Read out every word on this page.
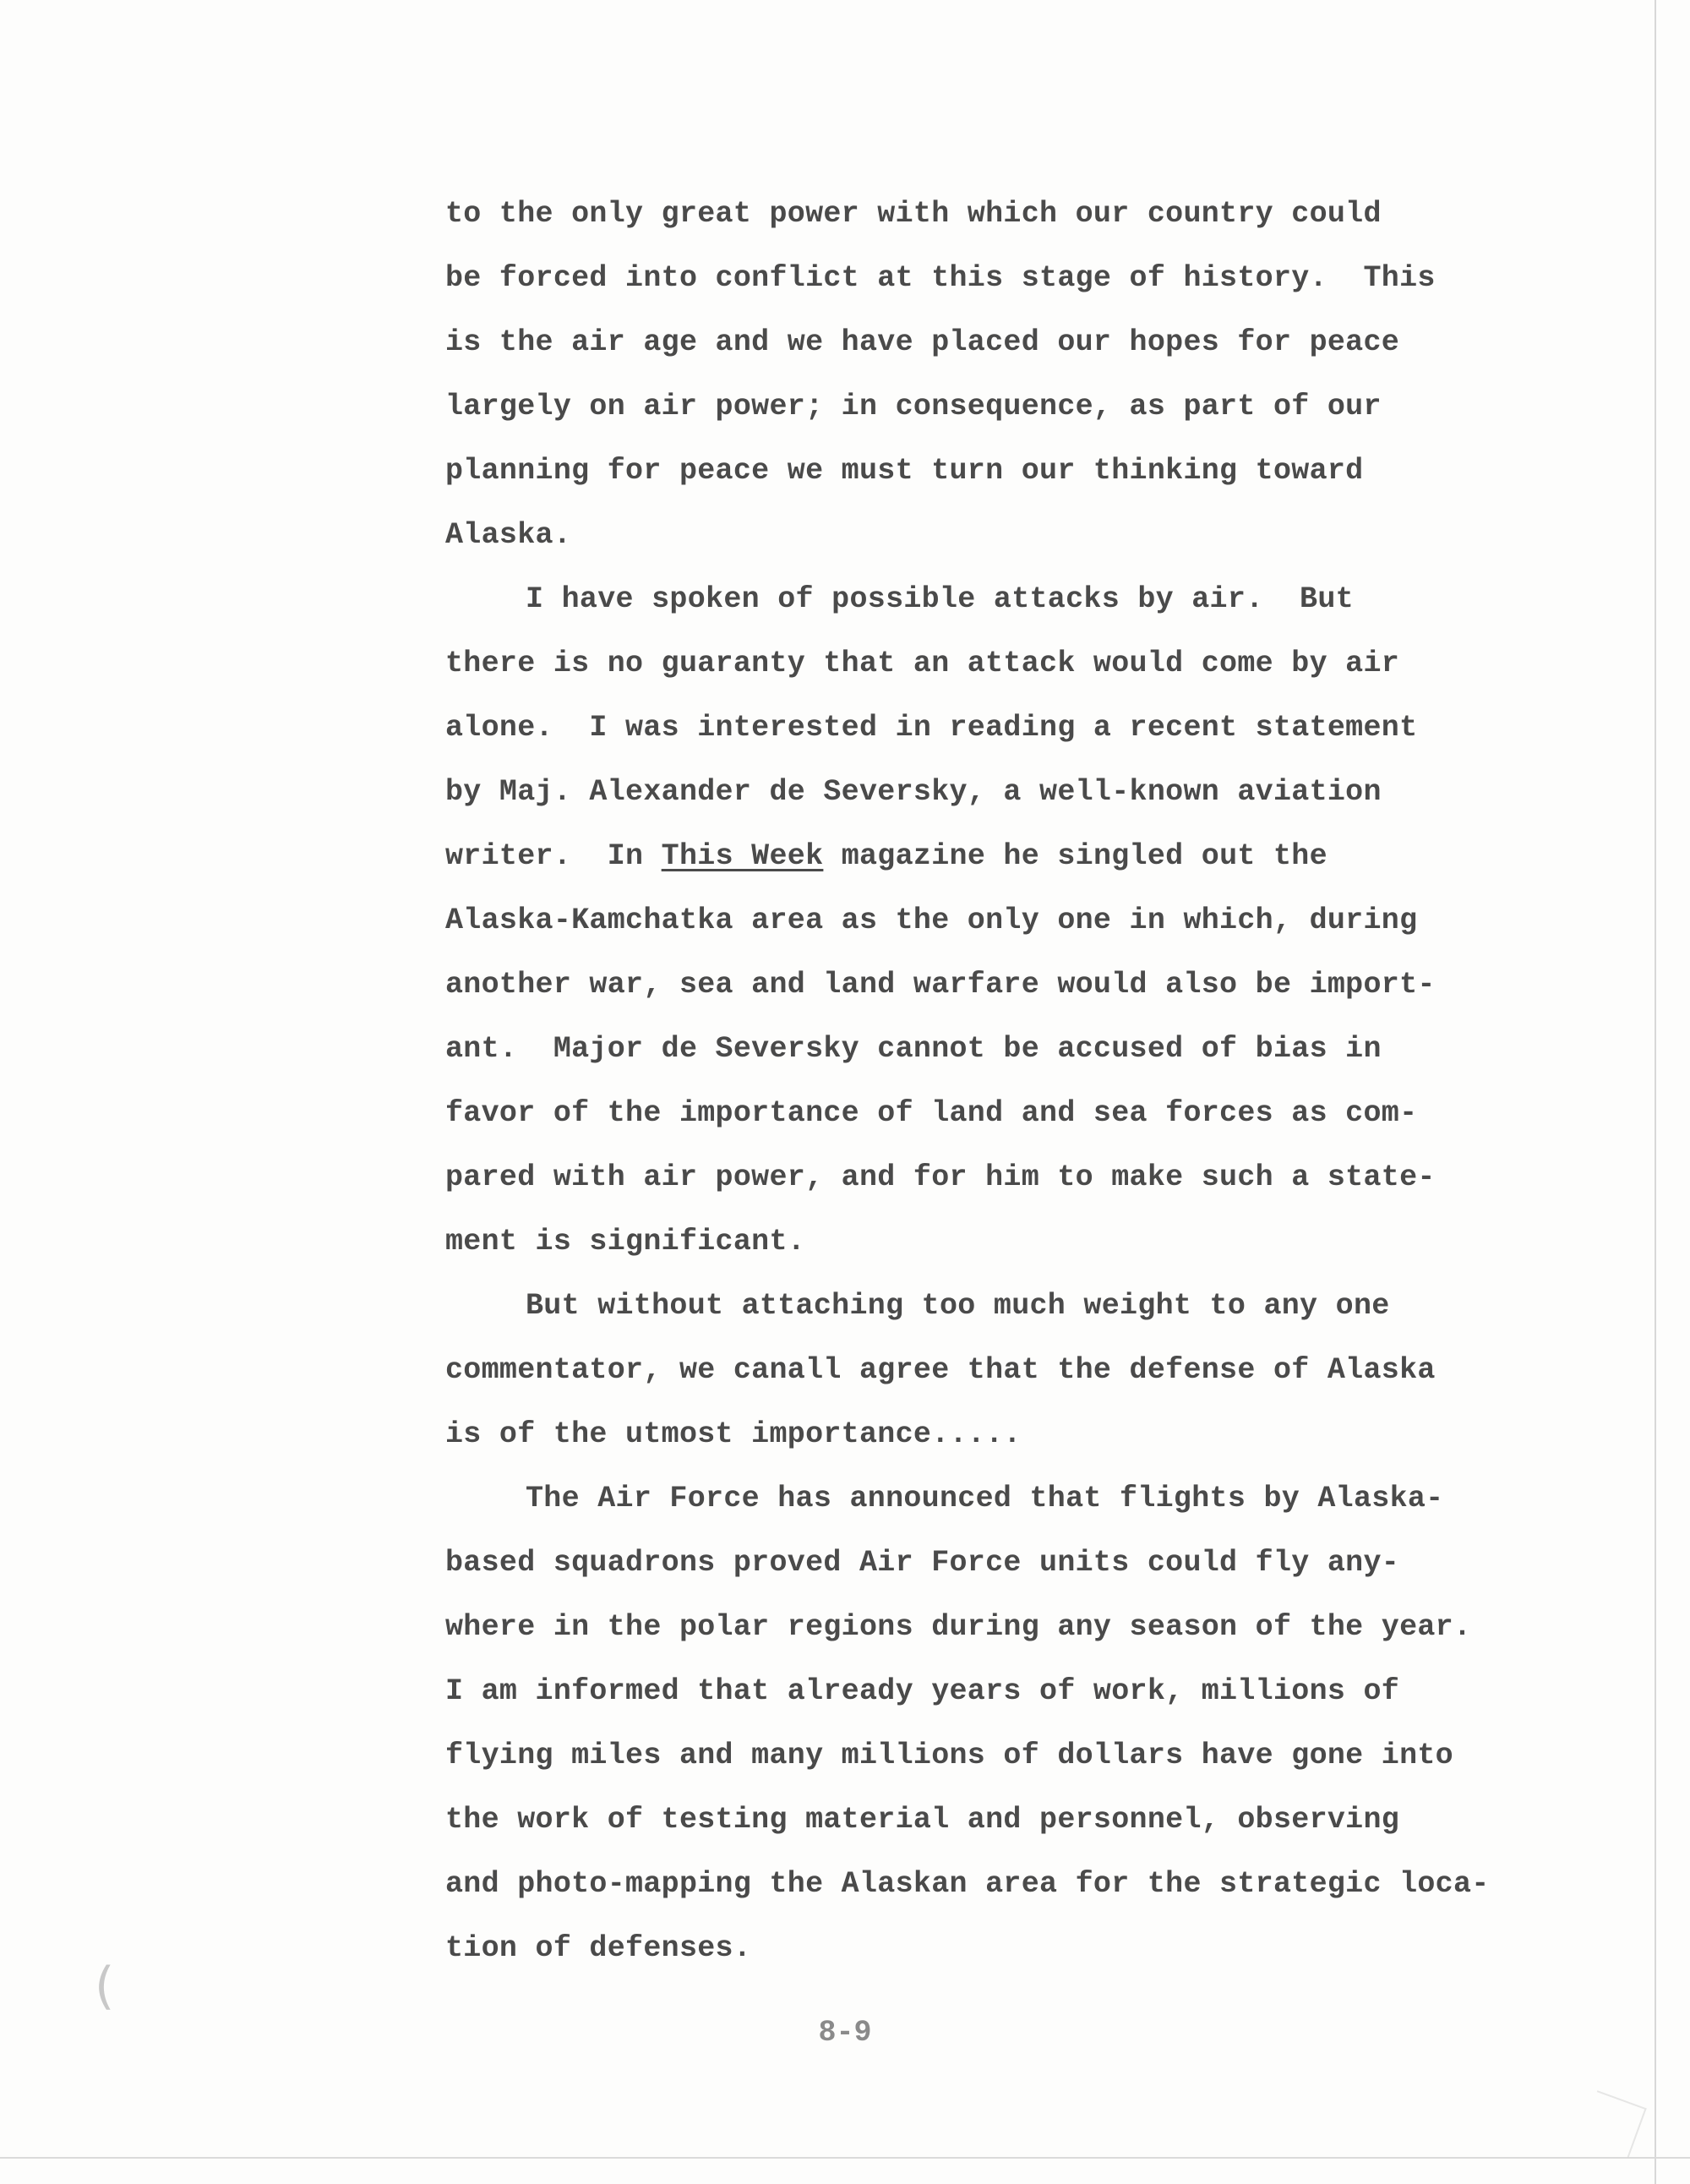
to the only great power with which our country could

be forced into conflict at this stage of history.  This

is the air age and we have placed our hopes for peace

largely on air power; in consequence, as part of our

planning for peace we must turn our thinking toward

Alaska.

I have spoken of possible attacks by air.  But

there is no guaranty that an attack would come by air

alone.  I was interested in reading a recent statement

by Maj. Alexander de Seversky, a well-known aviation

writer.  In This Week magazine he singled out the

Alaska-Kamchatka area as the only one in which, during

another war, sea and land warfare would also be import-

ant.  Major de Seversky cannot be accused of bias in

favor of the importance of land and sea forces as com-

pared with air power, and for him to make such a state-

ment is significant.

But without attaching too much weight to any one

commentator, we canall agree that the defense of Alaska

is of the utmost importance.....

The Air Force has announced that flights by Alaska-

based squadrons proved Air Force units could fly any-

where in the polar regions during any season of the year.

I am informed that already years of work, millions of

flying miles and many millions of dollars have gone into

the work of testing material and personnel, observing

and photo-mapping the Alaskan area for the strategic loca-

tion of defenses.

8-9
(
